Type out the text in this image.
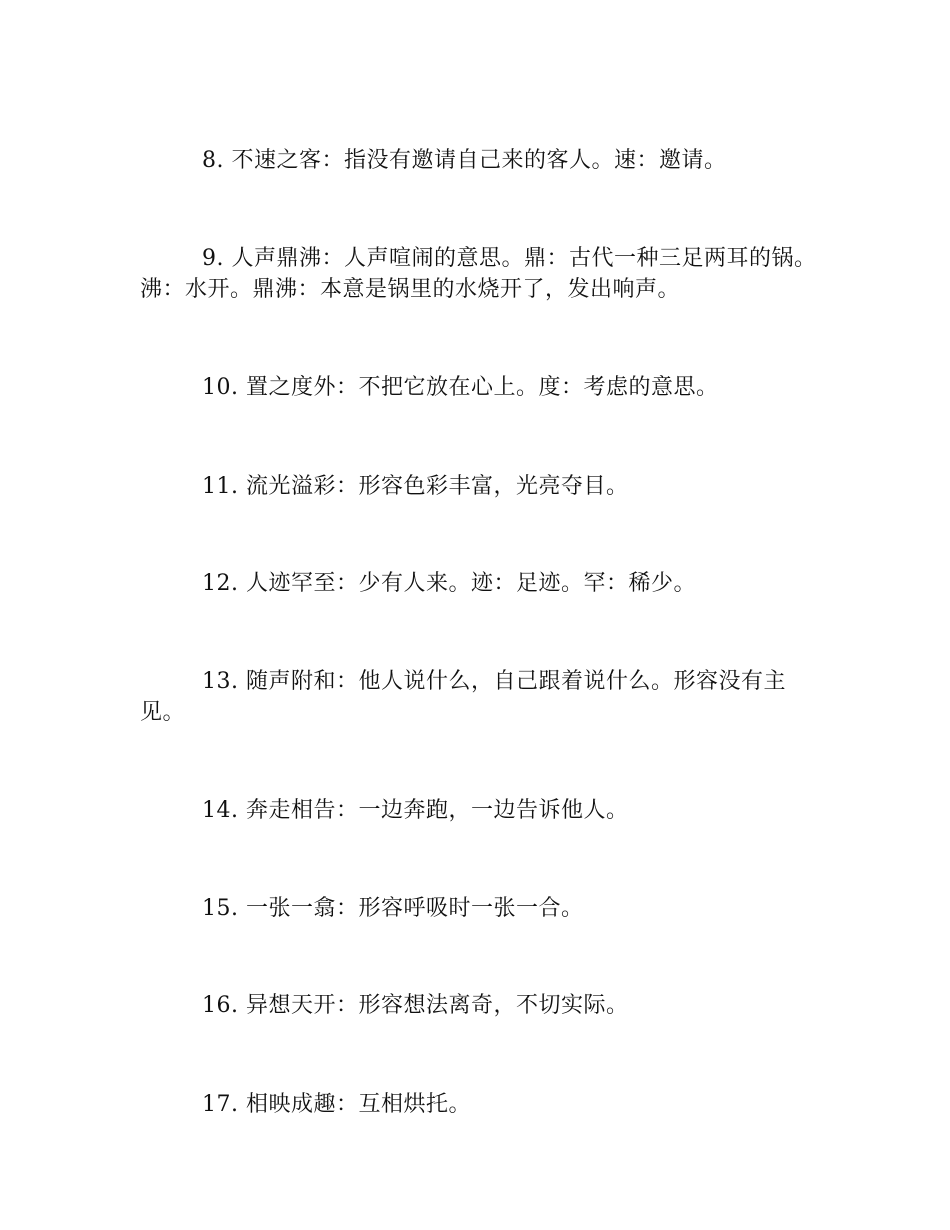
8. 不速之客：指没有邀请自己来的客人。速：邀请。

9. 人声鼎沸：人声喧闹的意思。鼎：古代一种三足两耳的锅。沸：水开。鼎沸：本意是锅里的水烧开了，发出响声。

10. 置之度外：不把它放在心上。度：考虑的意思。

11. 流光溢彩：形容色彩丰富，光亮夺目。

12. 人迹罕至：少有人来。迹：足迹。罕：稀少。

13. 随声附和：他人说什么，自己跟着说什么。形容没有主见。

14. 奔走相告：一边奔跑，一边告诉他人。

15. 一张一翕：形容呼吸时一张一合。

16. 异想天开：形容想法离奇，不切实际。

17. 相映成趣：互相烘托。
